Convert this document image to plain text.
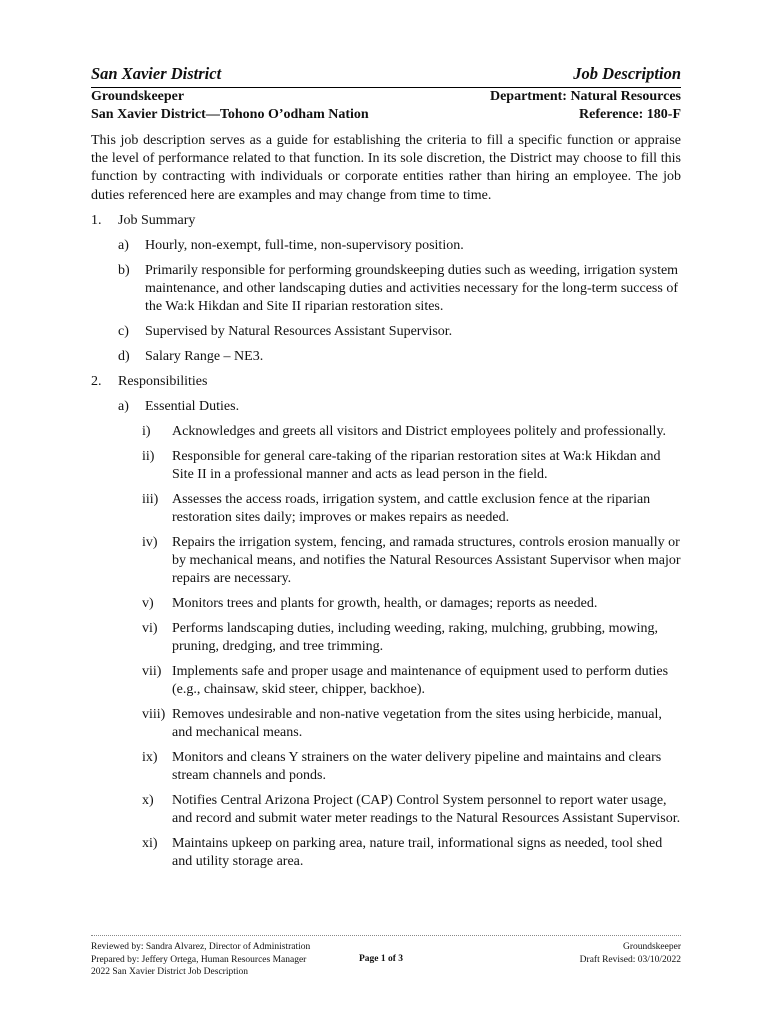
San Xavier District	Job Description
Groundskeeper	Department: Natural Resources
San Xavier District—Tohono O’odham Nation	Reference: 180-F
This job description serves as a guide for establishing the criteria to fill a specific function or appraise the level of performance related to that function. In its sole discretion, the District may choose to fill this function by contracting with individuals or corporate entities rather than hiring an employee. The job duties referenced here are examples and may change from time to time.
1. Job Summary
a) Hourly, non-exempt, full-time, non-supervisory position.
b) Primarily responsible for performing groundskeeping duties such as weeding, irrigation system maintenance, and other landscaping duties and activities necessary for the long-term success of the Wa:k Hikdan and Site II riparian restoration sites.
c) Supervised by Natural Resources Assistant Supervisor.
d) Salary Range – NE3.
2. Responsibilities
a) Essential Duties.
i) Acknowledges and greets all visitors and District employees politely and professionally.
ii) Responsible for general care-taking of the riparian restoration sites at Wa:k Hikdan and Site II in a professional manner and acts as lead person in the field.
iii) Assesses the access roads, irrigation system, and cattle exclusion fence at the riparian restoration sites daily; improves or makes repairs as needed.
iv) Repairs the irrigation system, fencing, and ramada structures, controls erosion manually or by mechanical means, and notifies the Natural Resources Assistant Supervisor when major repairs are necessary.
v) Monitors trees and plants for growth, health, or damages; reports as needed.
vi) Performs landscaping duties, including weeding, raking, mulching, grubbing, mowing, pruning, dredging, and tree trimming.
vii) Implements safe and proper usage and maintenance of equipment used to perform duties (e.g., chainsaw, skid steer, chipper, backhoe).
viii) Removes undesirable and non-native vegetation from the sites using herbicide, manual, and mechanical means.
ix) Monitors and cleans Y strainers on the water delivery pipeline and maintains and clears stream channels and ponds.
x) Notifies Central Arizona Project (CAP) Control System personnel to report water usage, and record and submit water meter readings to the Natural Resources Assistant Supervisor.
xi) Maintains upkeep on parking area, nature trail, informational signs as needed, tool shed and utility storage area.
Reviewed by: Sandra Alvarez, Director of Administration
Prepared by: Jeffery Ortega, Human Resources Manager
2022 San Xavier District Job Description
Page 1 of 3
Groundskeeper
Draft Revised: 03/10/2022
